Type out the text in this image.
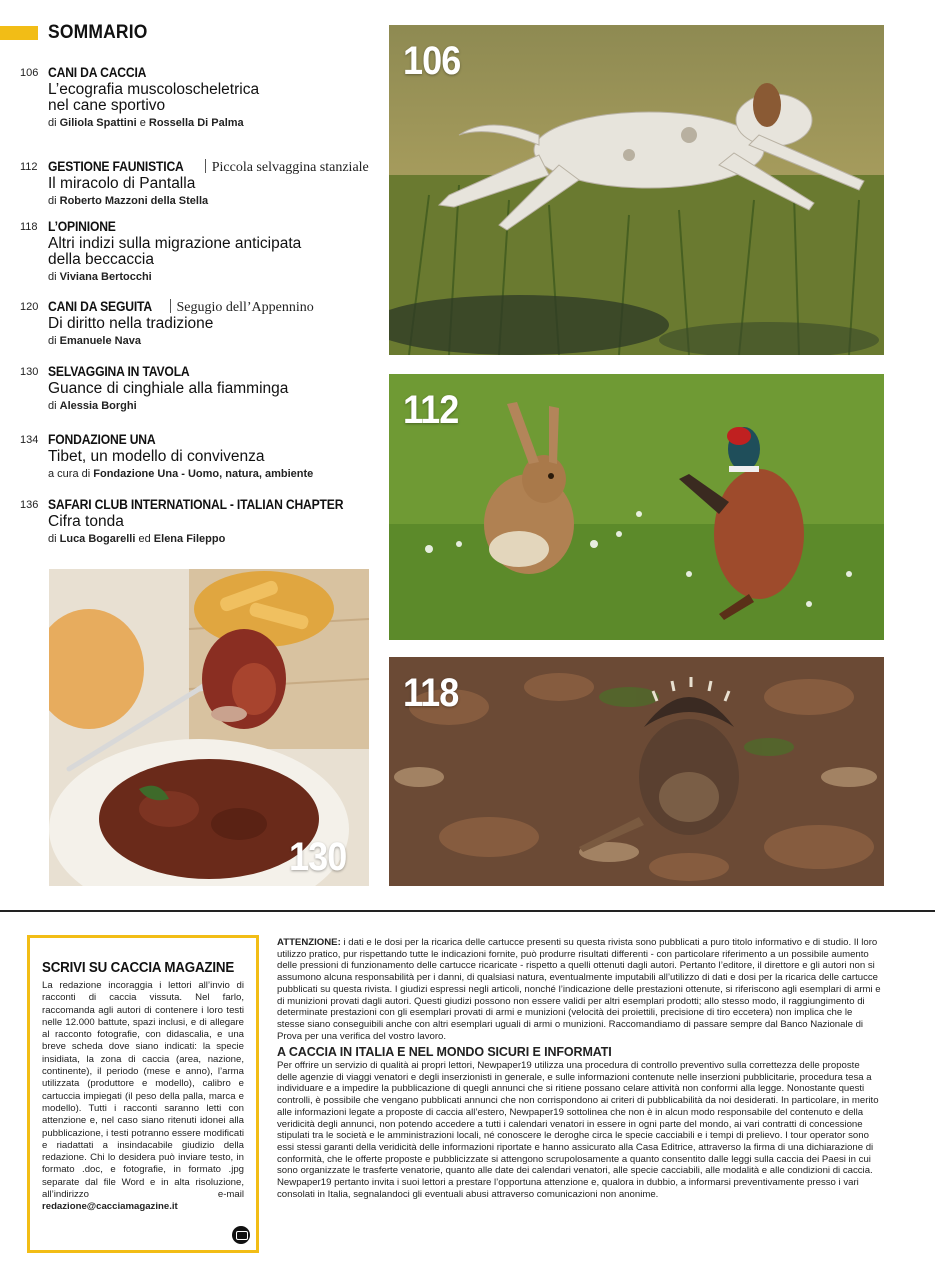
SOMMARIO
106 CANI DA CACCIA
L’ecografia muscoloscheletrica
nel cane sportivo
di Giliola Spattini e Rossella Di Palma
112 GESTIONE FAUNISTICA Piccola selvaggina stanziale
Il miracolo di Pantalla
di Roberto Mazzoni della Stella
118 L’OPINIONE
Altri indizi sulla migrazione anticipata
della beccaccia
di Viviana Bertocchi
120 CANI DA SEGUITA Segugio dell’Appennino
Di diritto nella tradizione
di Emanuele Nava
130 SELVAGGINA IN TAVOLA
Guance di cinghiale alla fiamminga
di Alessia Borghi
134 FONDAZIONE UNA
Tibet, un modello di convivenza
a cura di Fondazione Una - Uomo, natura, ambiente
136 SAFARI CLUB INTERNATIONAL - ITALIAN CHAPTER
Cifra tonda
di Luca Bogarelli ed Elena Fileppo
106
112
118
130
SCRIVI SU CACCIA MAGAZINE
La redazione incoraggia i lettori all’invio di racconti di caccia vissuta. Nel farlo, raccomanda agli autori di contenere i loro testi nelle 12.000 battute, spazi inclusi, e di allegare al racconto fotografie, con didascalia, e una breve scheda dove siano indicati: la specie insidiata, la zona di caccia (area, nazione, continente), il periodo (mese e anno), l’arma utilizzata (produttore e modello), calibro e cartuccia impiegati (il peso della palla, marca e modello). Tutti i racconti saranno letti con attenzione e, nel caso siano ritenuti idonei alla pubblicazione, i testi potranno essere modificati e riadattati a insindacabile giudizio della redazione. Chi lo desidera può inviare testo, in formato .doc, e fotografie, in formato .jpg separate dal file Word e in alta risoluzione, all’indirizzo e-mail redazione@cacciamagazine.it
ATTENZIONE: i dati e le dosi per la ricarica delle cartucce presenti su questa rivista sono pubblicati a puro titolo informativo e di studio. Il loro utilizzo pratico, pur rispettando tutte le indicazioni fornite, può produrre risultati differenti - con particolare riferimento a un possibile aumento delle pressioni di funzionamento delle cartucce ricaricate - rispetto a quelli ottenuti dagli autori. Pertanto l’editore, il direttore e gli autori non si assumono alcuna responsabilità per i danni, di qualsiasi natura, eventualmente imputabili all’utilizzo di dati e dosi per la ricarica delle cartucce pubblicati su questa rivista. I giudizi espressi negli articoli, nonché l’indicazione delle prestazioni ottenute, si riferiscono agli esemplari di armi e di munizioni provati dagli autori. Questi giudizi possono non essere validi per altri esemplari prodotti; allo stesso modo, il raggiungimento di determinate prestazioni con gli esemplari provati di armi e munizioni (velocità dei proiettili, precisione di tiro eccetera) non implica che le stesse siano conseguibili anche con altri esemplari uguali di armi o munizioni. Raccomandiamo di passare sempre dal Banco Nazionale di Prova per una verifica del vostro lavoro.
A CACCIA IN ITALIA E NEL MONDO SICURI E INFORMATI
Per offrire un servizio di qualità ai propri lettori, Newpaper19 utilizza una procedura di controllo preventivo sulla correttezza delle proposte delle agenzie di viaggi venatori e degli inserzionisti in generale, e sulle informazioni contenute nelle inserzioni pubblicitarie, procedura tesa a individuare e a impedire la pubblicazione di quegli annunci che si ritiene possano celare attività non conformi alla legge. Nonostante questi controlli, è possibile che vengano pubblicati annunci che non corrispondono ai criteri di pubblicabilità da noi desiderati. In particolare, in merito alle informazioni legate a proposte di caccia all’estero, Newpaper19 sottolinea che non è in alcun modo responsabile del contenuto e della veridicità degli annunci, non potendo accedere a tutti i calendari venatori in essere in ogni parte del mondo, ai vari contratti di concessione stipulati tra le società e le amministrazioni locali, né conoscere le deroghe circa le specie cacciabili e i tempi di prelievo. I tour operator sono essi stessi garanti della veridicità delle informazioni riportate e hanno assicurato alla Casa Editrice, attraverso la firma di una dichiarazione di conformità, che le offerte proposte e pubblicizzate si attengono scrupolosamente a quanto consentito dalle leggi sulla caccia dei Paesi in cui sono organizzate le trasferte venatorie, quanto alle date dei calendari venatori, alle specie cacciabili, alle modalità e alle condizioni di caccia. Newpaper19 pertanto invita i suoi lettori a prestare l’opportuna attenzione e, qualora in dubbio, a informarsi preventivamente presso i vari consolati in Italia, segnalandoci gli eventuali abusi attraverso comunicazioni non anonime.
